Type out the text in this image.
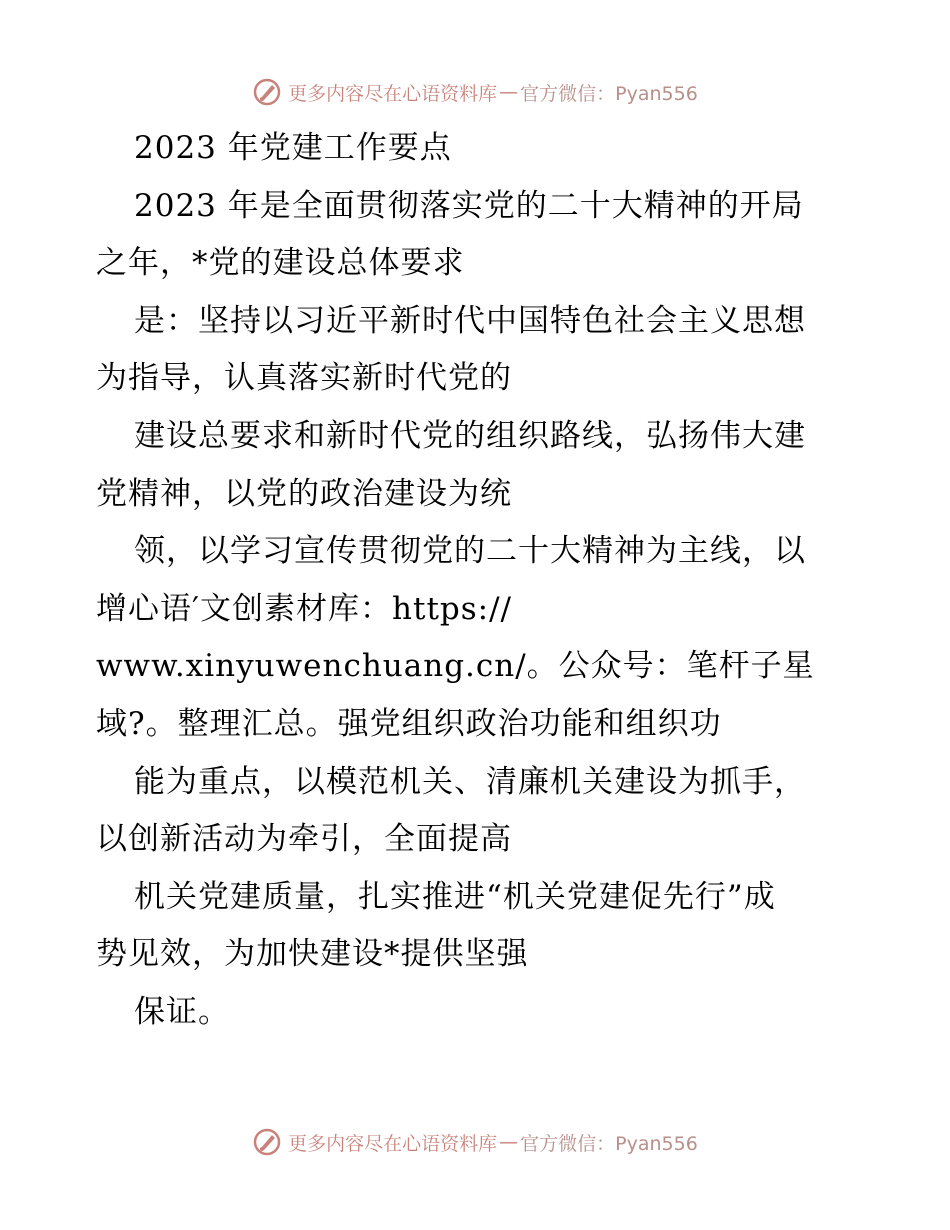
更多内容尽在心语资料库 — 官方微信：Pyan556
2023 年党建工作要点
2023 年是全面贯彻落实党的二十大精神的开局
之年，*党的建设总体要求
是：坚持以习近平新时代中国特色社会主义思想
为指导，认真落实新时代党的
建设总要求和新时代党的组织路线，弘扬伟大建
党精神，以党的政治建设为统
领，以学习宣传贯彻党的二十大精神为主线，以
增心语′文创素材库：https://
www.xinyuwenchuang.cn/。公众号：笔杆子星
域?。整理汇总。强党组织政治功能和组织功
能为重点，以模范机关、清廉机关建设为抓手，
以创新活动为牵引，全面提高
机关党建质量，扎实推进“机关党建促先行”成
势见效，为加快建设*提供坚强
保证。
更多内容尽在心语资料库 — 官方微信：Pyan556
